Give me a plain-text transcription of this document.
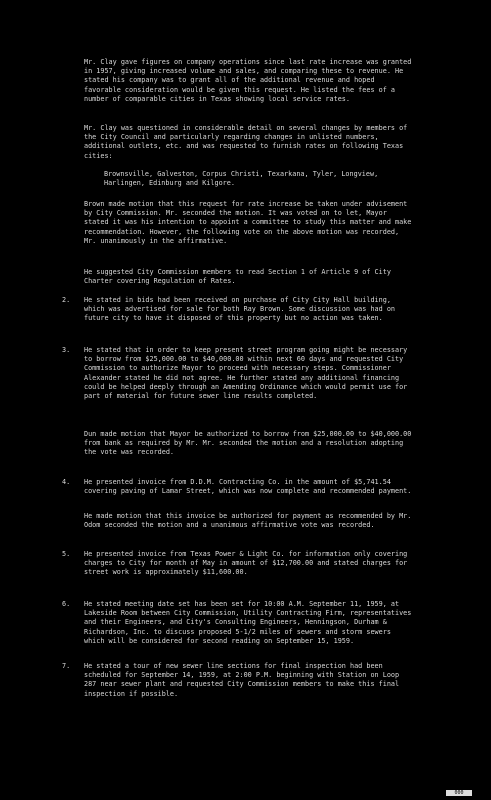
Mr. Clay gave figures on company operations since last rate increase was granted in 1957, giving increased volume and sales, and comparing these to revenue. He stated his company was to grant all of the additional revenue and hoped favorable consideration would be given this request. He listed the fees of a number of comparable cities in Texas showing local service rates.
Mr. Clay was questioned in considerable detail on several changes by members of the City Council and particularly regarding changes in unlisted numbers, additional outlets, etc. and was requested to furnish rates on following Texas cities:
Brownsville, Galveston, Corpus Christi, Texarkana, Tyler, Longview, Harlingen, Edinburg and Kilgore.
Brown made motion that this request for rate increase be taken under advisement by City Commission. Mr. seconded the motion. It was voted on to let, Mayor stated it was his intention to appoint a committee to study this matter and make recommendation. However, the following vote on the above motion was recorded, Mr. unanimously in the affirmative.
He suggested City Commission members to read Section 1 of Article 9 of City Charter covering Regulation of Rates.
2. He stated in bids had been received on purchase of City City Hall building, which was advertised for sale for both Ray Brown. Some discussion was had on future city to have it disposed of this property but no action was taken.
3. He stated that in order to keep present street program going might be necessary to borrow from $25,000.00 to $40,000.00 within next 60 days and requested City Commission to authorize Mayor to proceed with necessary steps. Commissioner Alexander stated he did not agree. He further stated any additional financing could be helped deeply through an Amending Ordinance which would permit use for part of material for future sewer line results completed.
Dun made motion that Mayor be authorized to borrow from $25,000.00 to $40,000.00 from bank as required by Mr. Mr. seconded the motion and a resolution adopting the vote was recorded.
4. He presented invoice from D.D.M. Contracting Co. in the amount of $5,741.54 covering paving of Lamar Street, which was now complete and recommended payment.
He made motion that this invoice be authorized for payment as recommended by Mr. Odom seconded the motion and a unanimous affirmative vote was recorded.
5. He presented invoice from Texas Power & Light Co. for information only covering charges to City for month of May in amount of $12,700.00 and stated charges for street work is approximately $11,600.00.
6. He stated meeting date set has been set for 10:00 A.M. September 11, 1959, at Lakeside Room between City Commission, Utility Contracting Firm, representatives and their Engineers, and City's Consulting Engineers, Henningson, Durham & Richardson, Inc. to discuss proposed 5-1/2 miles of sewers and storm sewers which will be considered for second reading on September 15, 1959.
7. He stated a tour of new sewer line sections for final inspection had been scheduled for September 14, 1959, at 2:00 P.M. beginning with Station on Loop 287 near sewer plant and requested City Commission members to make this final inspection if possible.
000
